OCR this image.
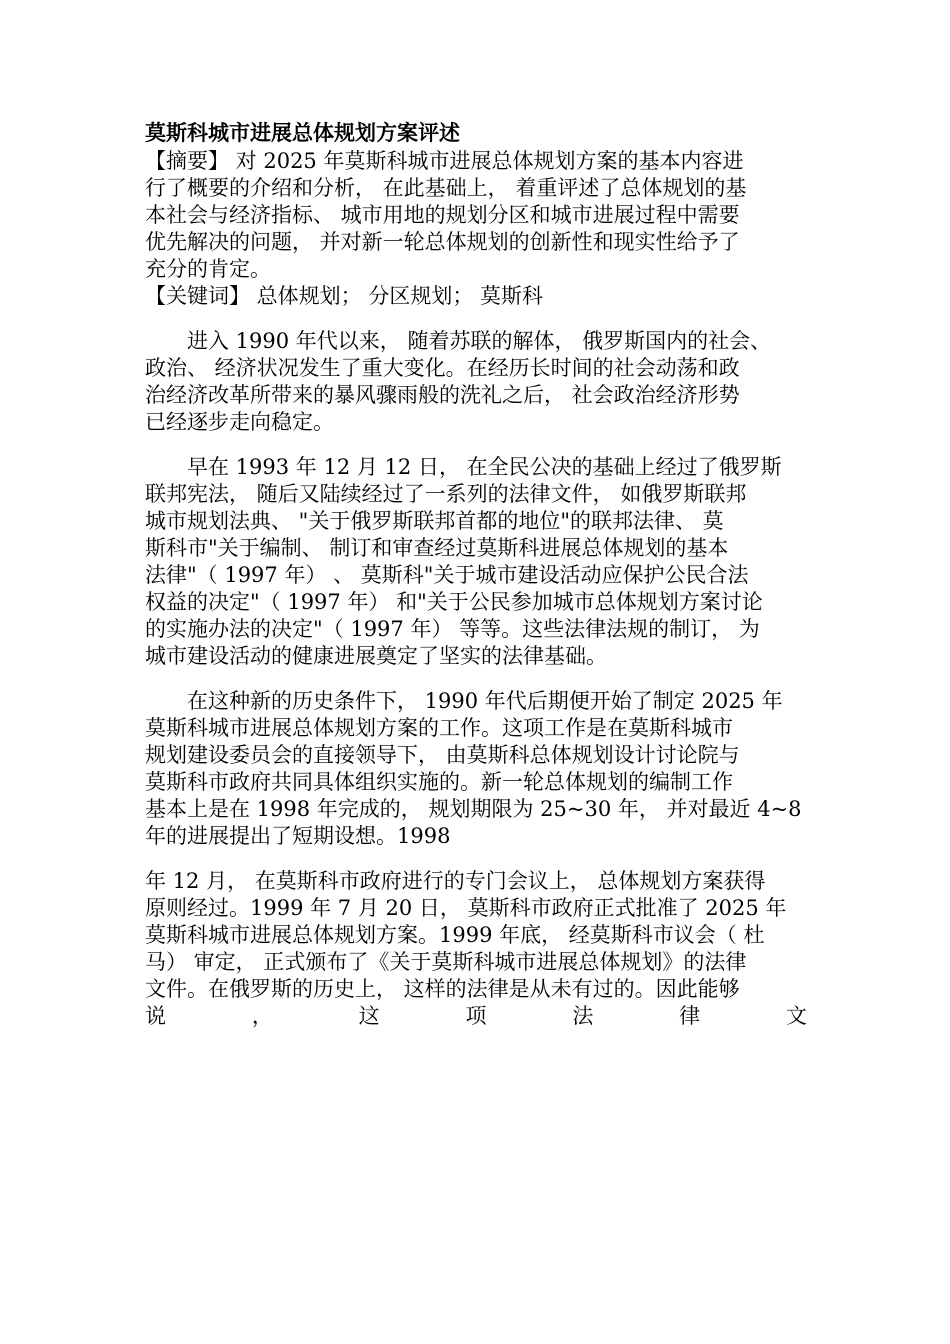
莫斯科城市进展总体规划方案评述
【摘要】 对 2025 年莫斯科城市进展总体规划方案的基本内容进
行了概要的介绍和分析， 在此基础上， 着重评述了总体规划的基
本社会与经济指标、 城市用地的规划分区和城市进展过程中需要
优先解决的问题， 并对新一轮总体规划的创新性和现实性给予了
充分的肯定。
【关键词】 总体规划； 分区规划； 莫斯科
　　进入 1990 年代以来， 随着苏联的解体， 俄罗斯国内的社会、
政治、 经济状况发生了重大变化。在经历长时间的社会动荡和政
治经济改革所带来的暴风骤雨般的洗礼之后， 社会政治经济形势
已经逐步走向稳定。
　　早在 1993 年 12 月 12 日， 在全民公决的基础上经过了俄罗斯
联邦宪法， 随后又陆续经过了一系列的法律文件， 如俄罗斯联邦
城市规划法典、 "关于俄罗斯联邦首都的地位"的联邦法律、 莫
斯科市"关于编制、 制订和审查经过莫斯科进展总体规划的基本
法律"（ 1997 年） 、 莫斯科"关于城市建设活动应保护公民合法
权益的决定"（ 1997 年） 和"关于公民参加城市总体规划方案讨论
的实施办法的决定"（ 1997 年） 等等。这些法律法规的制订， 为
城市建设活动的健康进展奠定了坚实的法律基础。
　　在这种新的历史条件下， 1990 年代后期便开始了制定 2025 年
莫斯科城市进展总体规划方案的工作。这项工作是在莫斯科城市
规划建设委员会的直接领导下， 由莫斯科总体规划设计讨论院与
莫斯科市政府共同具体组织实施的。新一轮总体规划的编制工作
基本上是在 1998 年完成的， 规划期限为 25~30 年， 并对最近 4~8
年的进展提出了短期设想。1998
年 12 月， 在莫斯科市政府进行的专门会议上， 总体规划方案获得
原则经过。1999 年 7 月 20 日， 莫斯科市政府正式批准了 2025 年
莫斯科城市进展总体规划方案。1999 年底， 经莫斯科市议会（ 杜
马） 审定， 正式颁布了《关于莫斯科城市进展总体规划》的法律
文件。在俄罗斯的历史上， 这样的法律是从未有过的。因此能够
说	，	这	项	法	律	文
